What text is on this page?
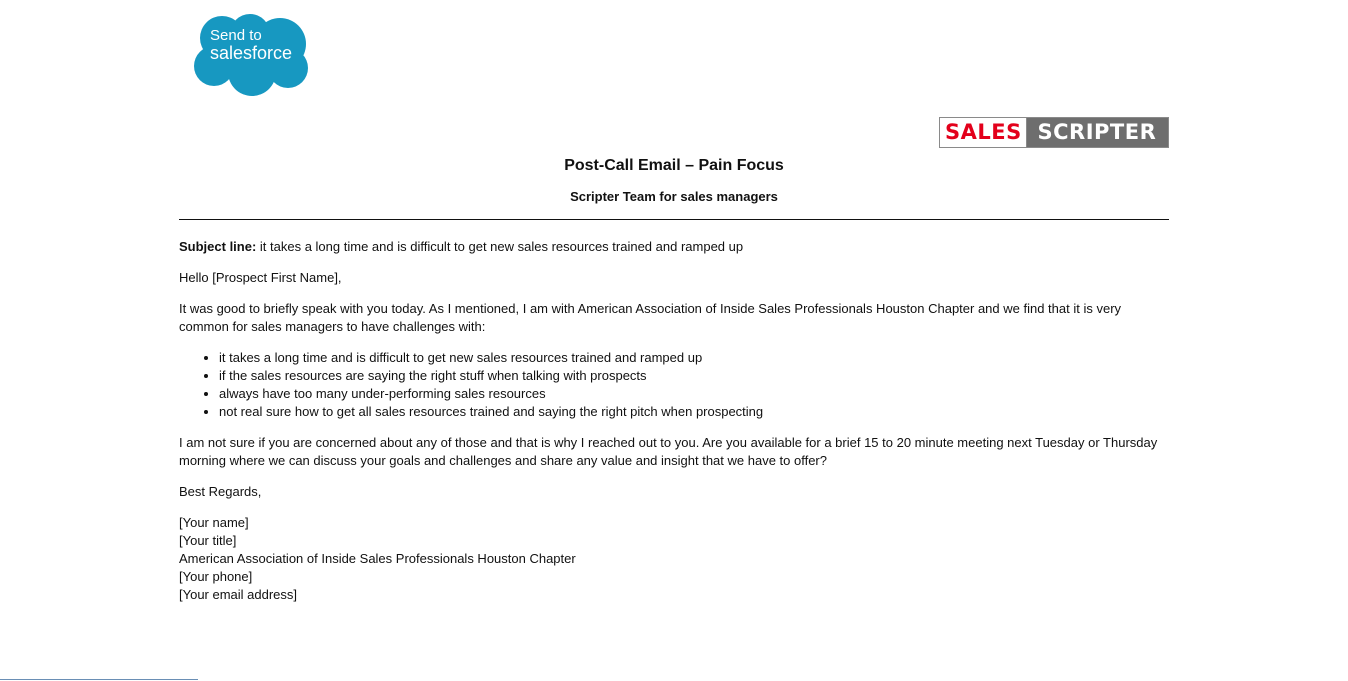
Send to
salesforce
SALES SCRIPTER
Post-Call Email – Pain Focus
Scripter Team for sales managers

Subject line: it takes a long time and is difficult to get new sales resources trained and ramped up

Hello [Prospect First Name],

It was good to briefly speak with you today. As I mentioned, I am with American Association of Inside Sales Professionals Houston Chapter and we find that it is very common for sales managers to have challenges with:

• it takes a long time and is difficult to get new sales resources trained and ramped up
• if the sales resources are saying the right stuff when talking with prospects
• always have too many under-performing sales resources
• not real sure how to get all sales resources trained and saying the right pitch when prospecting

I am not sure if you are concerned about any of those and that is why I reached out to you. Are you available for a brief 15 to 20 minute meeting next Tuesday or Thursday morning where we can discuss your goals and challenges and share any value and insight that we have to offer?

Best Regards,

[Your name]
[Your title]
American Association of Inside Sales Professionals Houston Chapter
[Your phone]
[Your email address]
